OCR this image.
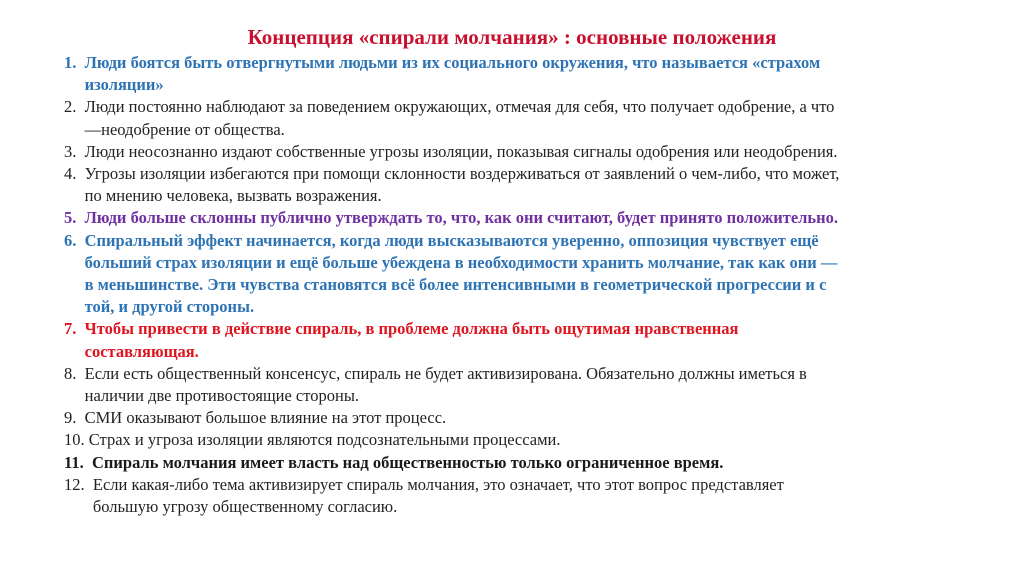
Концепция «спирали молчания» : основные положения
1. Люди боятся быть отвергнутыми людьми из их социального окружения, что называется «страхом
изоляции»
2. Люди постоянно наблюдают за поведением окружающих, отмечая для себя, что получает одобрение, а что
—неодобрение от общества.
3. Люди неосознанно издают собственные угрозы изоляции, показывая сигналы одобрения или неодобрения.
4. Угрозы изоляции избегаются при помощи склонности воздерживаться от заявлений о чем-либо, что может,
по мнению человека, вызвать возражения.
5. Люди больше склонны публично утверждать то, что, как они считают, будет принято положительно.
6. Спиральный эффект начинается, когда люди высказываются уверенно, оппозиция чувствует ещё
больший страх изоляции и ещё больше убеждена в необходимости хранить молчание, так как они —
в меньшинстве. Эти чувства становятся всё более интенсивными в геометрической прогрессии и с
той, и другой стороны.
7. Чтобы привести в действие спираль, в проблеме должна быть ощутимая нравственная
составляющая.
8. Если есть общественный консенсус, спираль не будет активизирована. Обязательно должны иметься в
наличии две противостоящие стороны.
9. СМИ оказывают большое влияние на этот процесс.
10. Страх и угроза изоляции являются подсознательными процессами.
11. Спираль молчания имеет власть над общественностью только ограниченное время.
12. Если какая-либо тема активизирует спираль молчания, это означает, что этот вопрос представляет
большую угрозу общественному согласию.
